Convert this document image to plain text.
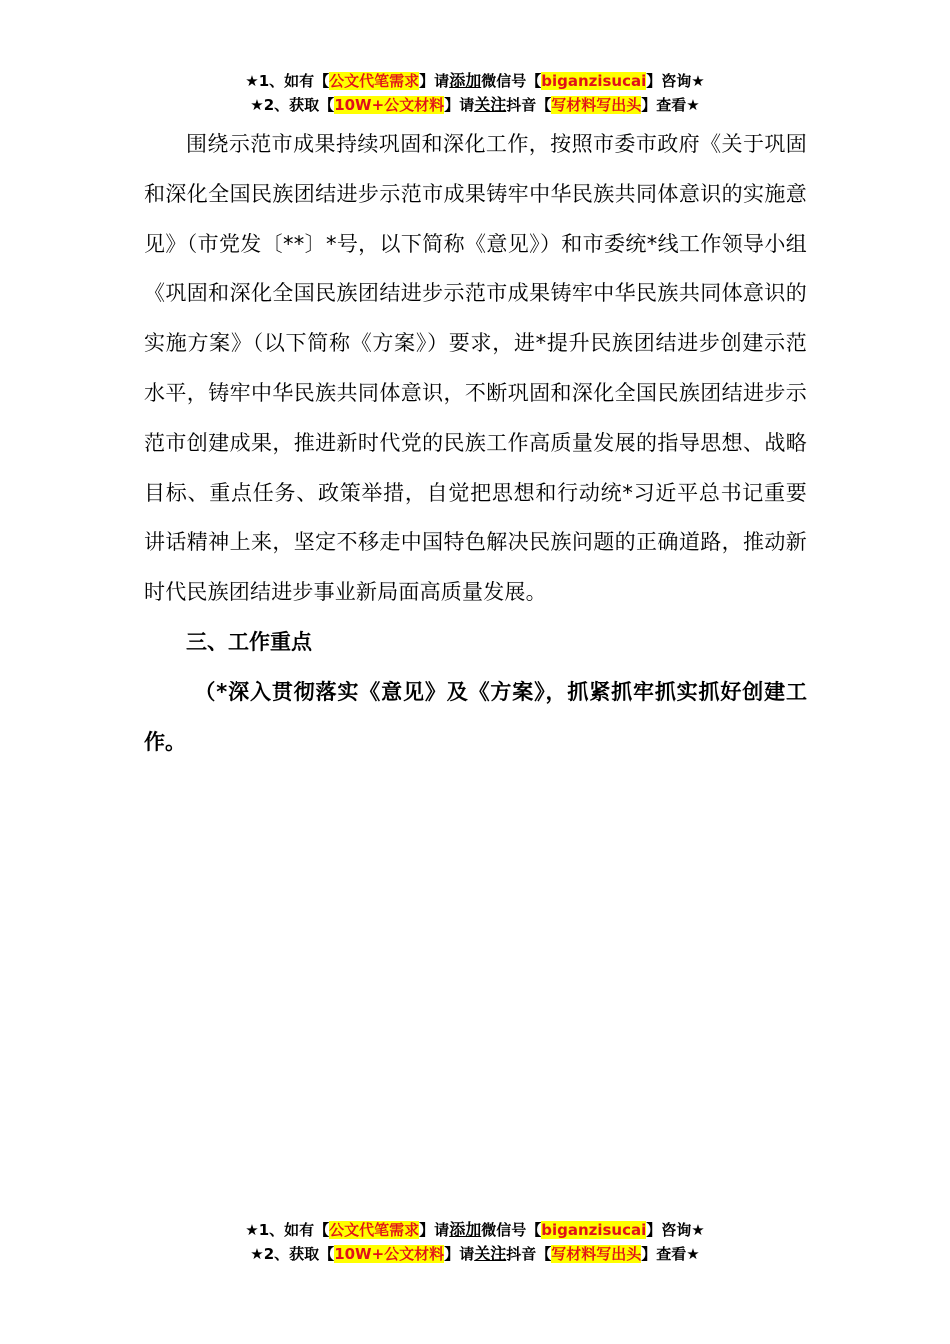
★1、如有【公文代笔需求】请添加微信号【biganzisucai】咨询★
★2、获取【10W+公文材料】请关注抖音【写材料写出头】查看★

围绕示范市成果持续巩固和深化工作，按照市委市政府《关于巩固和深化全国民族团结进步示范市成果铸牢中华民族共同体意识的实施意见》（市党发〔**〕*号，以下简称《意见》）和市委统*线工作领导小组《巩固和深化全国民族团结进步示范市成果铸牢中华民族共同体意识的实施方案》（以下简称《方案》）要求，进*提升民族团结进步创建示范水平，铸牢中华民族共同体意识，不断巩固和深化全国民族团结进步示范市创建成果，推进新时代党的民族工作高质量发展的指导思想、战略目标、重点任务、政策举措，自觉把思想和行动统*习近平总书记重要讲话精神上来，坚定不移走中国特色解决民族问题的正确道路，推动新时代民族团结进步事业新局面高质量发展。

三、工作重点

（*深入贯彻落实《意见》及《方案》，抓紧抓牢抓实抓好创建工作。

★1、如有【公文代笔需求】请添加微信号【biganzisucai】咨询★
★2、获取【10W+公文材料】请关注抖音【写材料写出头】查看★
